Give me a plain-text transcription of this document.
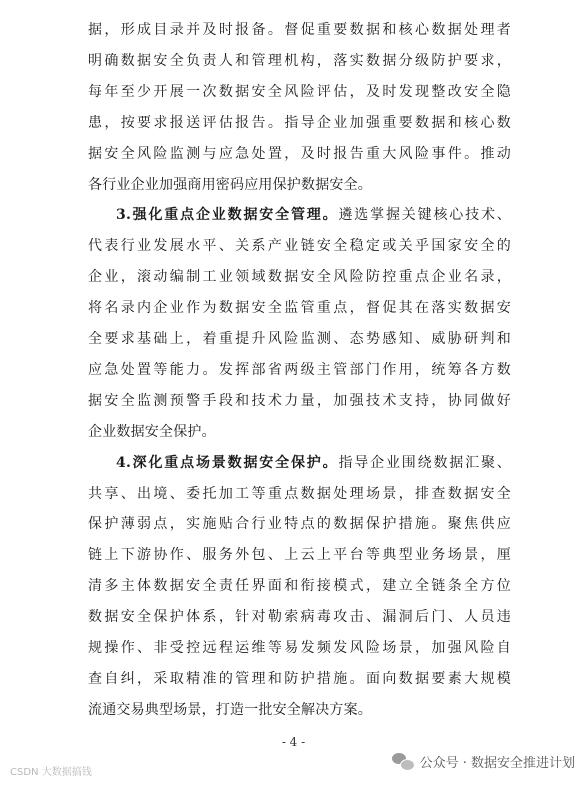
据，形成目录并及时报备。督促重要数据和核心数据处理者
明确数据安全负责人和管理机构，落实数据分级防护要求，
每年至少开展一次数据安全风险评估，及时发现整改安全隐
患，按要求报送评估报告。指导企业加强重要数据和核心数
据安全风险监测与应急处置，及时报告重大风险事件。推动
各行业企业加强商用密码应用保护数据安全。
3.强化重点企业数据安全管理。遴选掌握关键核心技术、
代表行业发展水平、关系产业链安全稳定或关乎国家安全的
企业，滚动编制工业领域数据安全风险防控重点企业名录，
将名录内企业作为数据安全监管重点，督促其在落实数据安
全要求基础上，着重提升风险监测、态势感知、威胁研判和
应急处置等能力。发挥部省两级主管部门作用，统筹各方数
据安全监测预警手段和技术力量，加强技术支持，协同做好
企业数据安全保护。
4.深化重点场景数据安全保护。指导企业围绕数据汇聚、
共享、出境、委托加工等重点数据处理场景，排查数据安全
保护薄弱点，实施贴合行业特点的数据保护措施。聚焦供应
链上下游协作、服务外包、上云上平台等典型业务场景，厘
清多主体数据安全责任界面和衔接模式，建立全链条全方位
数据安全保护体系，针对勒索病毒攻击、漏洞后门、人员违
规操作、非受控远程运维等易发频发风险场景，加强风险自
- 4 -
CSDN 大数据搞钱
公众号 · 数据安全推进计划
查自纠，采取精准的管理和防护措施。面向数据要素大规模
流通交易典型场景，打造一批安全解决方案。
